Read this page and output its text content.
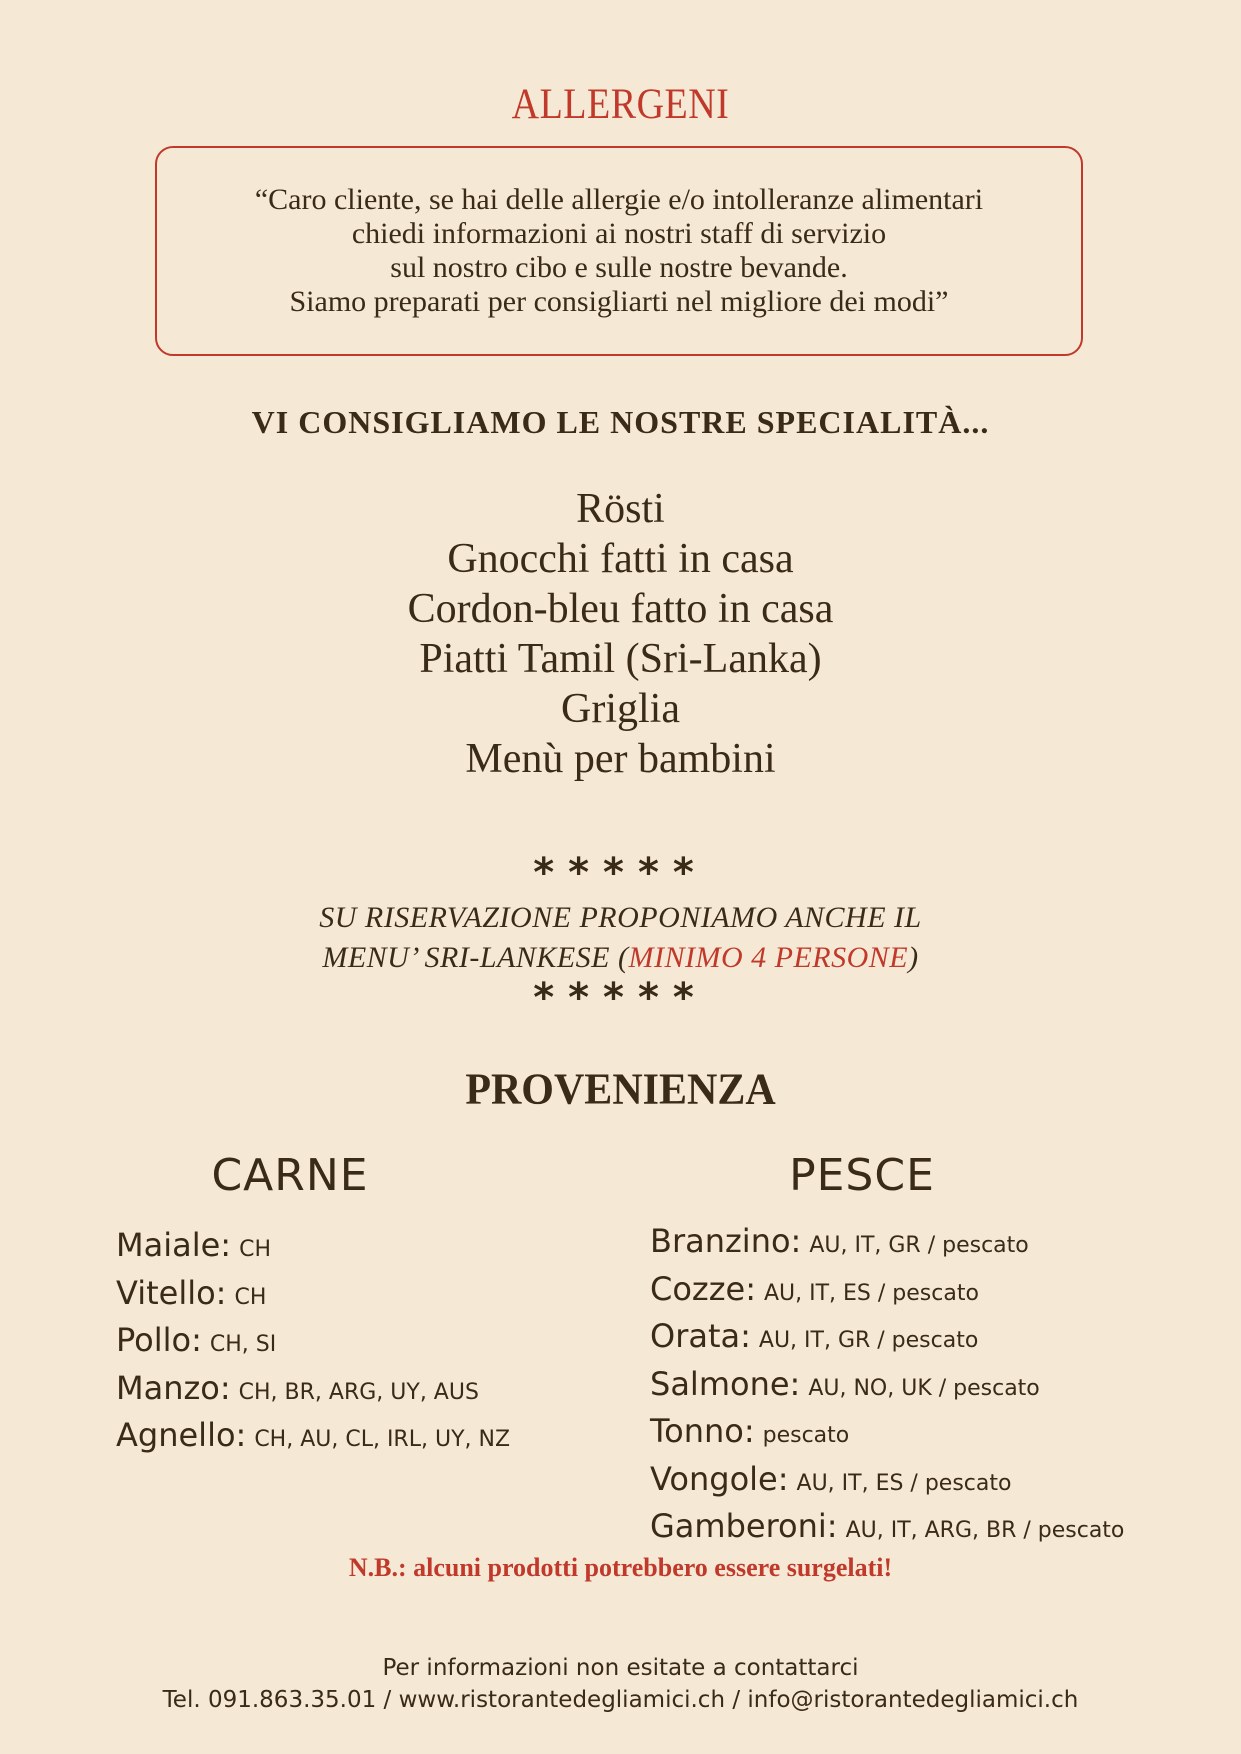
ALLERGENI
“Caro cliente, se hai delle allergie e/o intolleranze alimentari
chiedi informazioni ai nostri staff di servizio
sul nostro cibo e sulle nostre bevande.
Siamo preparati per consigliarti nel migliore dei modi”
VI CONSIGLIAMO LE NOSTRE SPECIALITÀ...
Rösti
Gnocchi fatti in casa
Cordon-bleu fatto in casa
Piatti Tamil (Sri-Lanka)
Griglia
Menù per bambini
*****
SU RISERVAZIONE PROPONIAMO ANCHE IL
MENU’ SRI-LANKESE (MINIMO 4 PERSONE)
*****
PROVENIENZA
CARNE	PESCE
Maiale: CH
Vitello: CH
Pollo: CH, SI
Manzo: CH, BR, ARG, UY, AUS
Agnello: CH, AU, CL, IRL, UY, NZ
Branzino: AU, IT, GR / pescato
Cozze: AU, IT, ES / pescato
Orata: AU, IT, GR / pescato
Salmone: AU, NO, UK / pescato
Tonno: pescato
Vongole: AU, IT, ES / pescato
Gamberoni: AU, IT, ARG, BR / pescato
N.B.: alcuni prodotti potrebbero essere surgelati!
Per informazioni non esitate a contattarci
Tel. 091.863.35.01 / www.ristorantedegliamici.ch / info@ristorantedegliamici.ch
